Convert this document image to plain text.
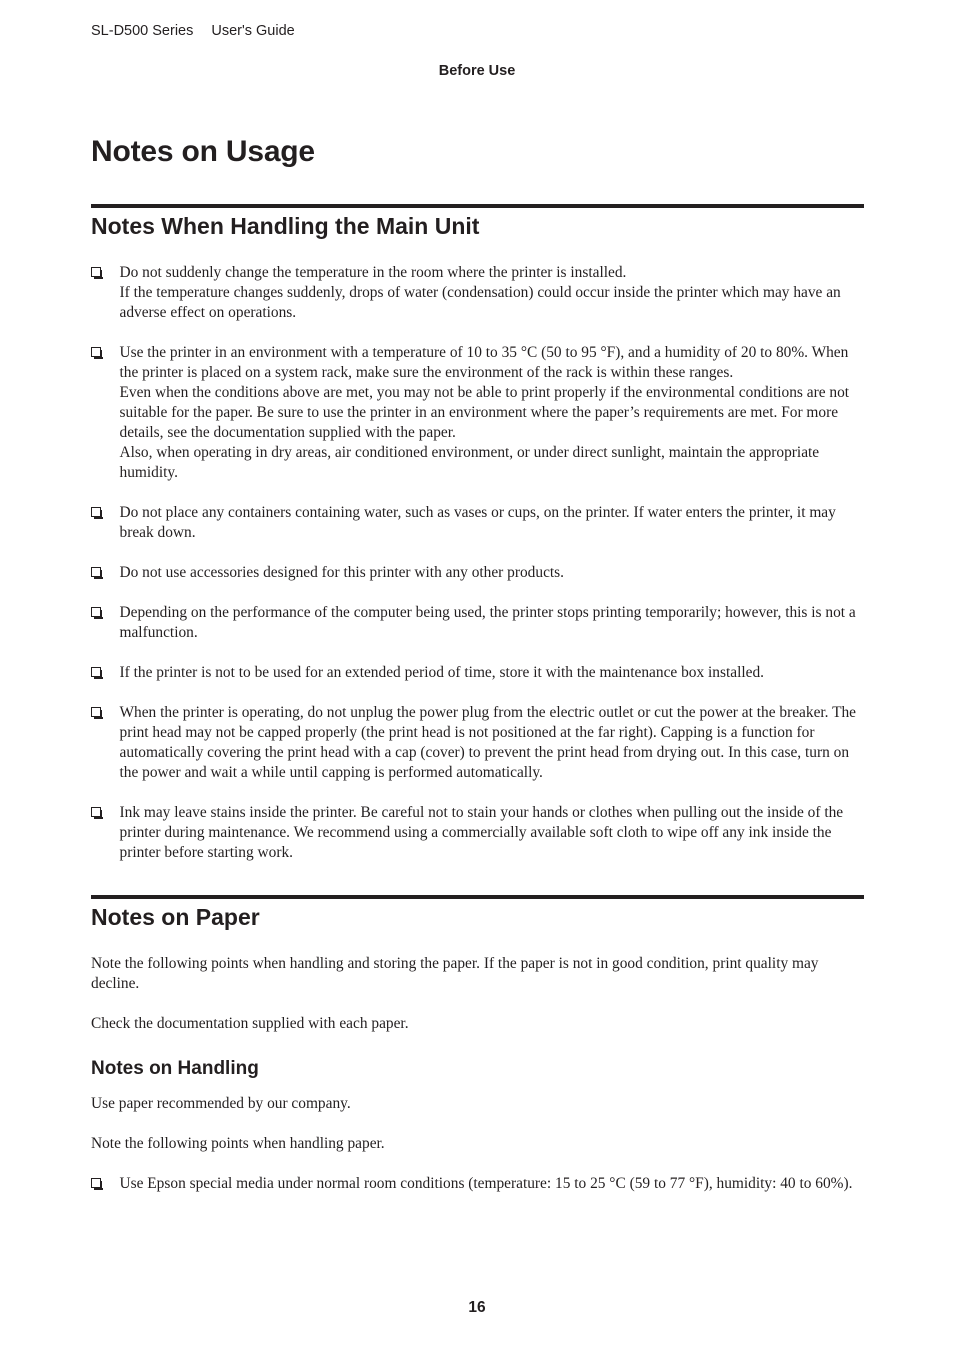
SL-D500 Series User's Guide
Before Use
Notes on Usage
Notes When Handling the Main Unit
Do not suddenly change the temperature in the room where the printer is installed.
If the temperature changes suddenly, drops of water (condensation) could occur inside the printer which may have an adverse effect on operations.
Use the printer in an environment with a temperature of 10 to 35 °C (50 to 95 °F), and a humidity of 20 to 80%. When the printer is placed on a system rack, make sure the environment of the rack is within these ranges.
Even when the conditions above are met, you may not be able to print properly if the environmental conditions are not suitable for the paper. Be sure to use the printer in an environment where the paper’s requirements are met. For more details, see the documentation supplied with the paper.
Also, when operating in dry areas, air conditioned environment, or under direct sunlight, maintain the appropriate humidity.
Do not place any containers containing water, such as vases or cups, on the printer. If water enters the printer, it may break down.
Do not use accessories designed for this printer with any other products.
Depending on the performance of the computer being used, the printer stops printing temporarily; however, this is not a malfunction.
If the printer is not to be used for an extended period of time, store it with the maintenance box installed.
When the printer is operating, do not unplug the power plug from the electric outlet or cut the power at the breaker. The print head may not be capped properly (the print head is not positioned at the far right). Capping is a function for automatically covering the print head with a cap (cover) to prevent the print head from drying out. In this case, turn on the power and wait a while until capping is performed automatically.
Ink may leave stains inside the printer. Be careful not to stain your hands or clothes when pulling out the inside of the printer during maintenance. We recommend using a commercially available soft cloth to wipe off any ink inside the printer before starting work.
Notes on Paper

Note the following points when handling and storing the paper. If the paper is not in good condition, print quality may decline.

Check the documentation supplied with each paper.

Notes on Handling

Use paper recommended by our company.

Note the following points when handling paper.

Use Epson special media under normal room conditions (temperature: 15 to 25 °C (59 to 77 °F), humidity: 40 to 60%).
16
